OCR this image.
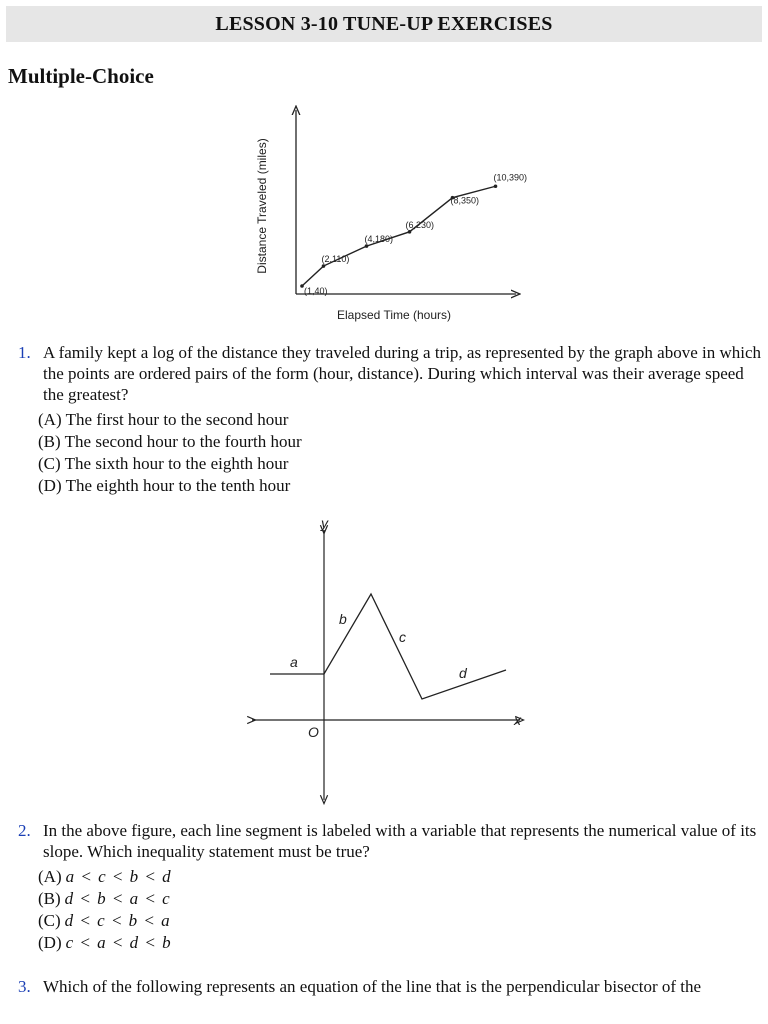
LESSON 3-10 TUNE-UP EXERCISES
Multiple-Choice
(1,40)
(2,110)
(4,180)
(6,230)
(8,350)
(10,390)
Elapsed Time (hours)
Distance Traveled (miles)
1. A family kept a log of the distance they traveled during a trip, as represented by the graph above in which the points are ordered pairs of the form (hour, distance). During which interval was their average speed the greatest?
(A) The first hour to the second hour
(B) The second hour to the fourth hour
(C) The sixth hour to the eighth hour
(D) The eighth hour to the tenth hour
y
x
O
a
b
c
d
2. In the above figure, each line segment is labeled with a variable that represents the numerical value of its slope. Which inequality statement must be true?
(A) a < c < b < d
(B) d < b < a < c
(C) d < c < b < a
(D) c < a < d < b
3. Which of the following represents an equation of the line that is the perpendicular bisector of the
